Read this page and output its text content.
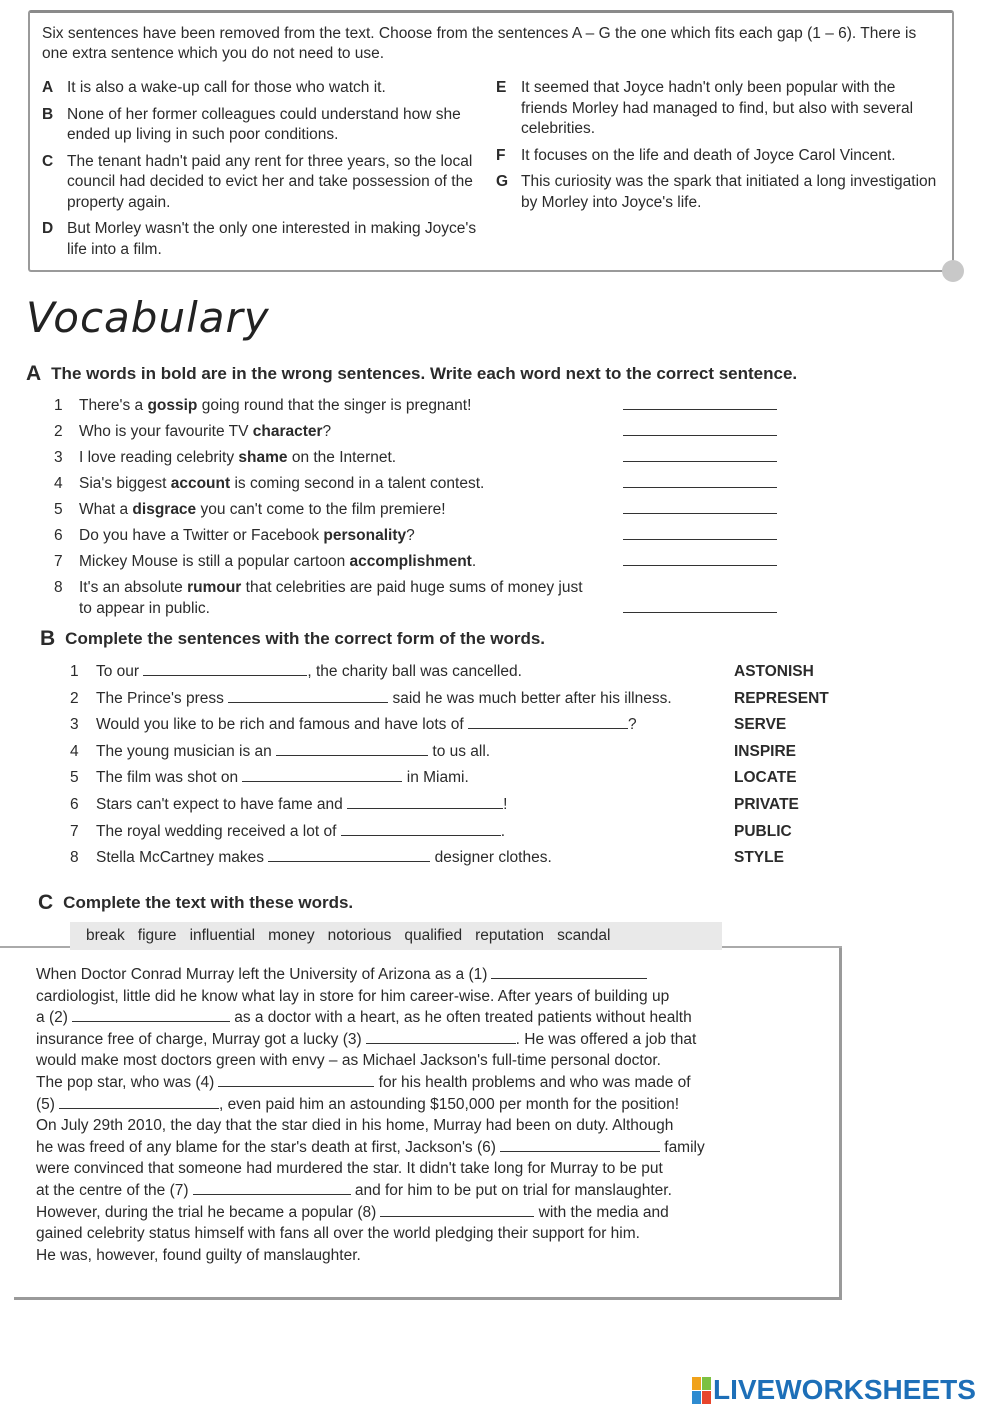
Six sentences have been removed from the text. Choose from the sentences A – G the one which fits each gap (1 – 6). There is one extra sentence which you do not need to use.
A It is also a wake-up call for those who watch it.
B None of her former colleagues could understand how she ended up living in such poor conditions.
C The tenant hadn't paid any rent for three years, so the local council had decided to evict her and take possession of the property again.
D But Morley wasn't the only one interested in making Joyce's life into a film.
E It seemed that Joyce hadn't only been popular with the friends Morley had managed to find, but also with several celebrities.
F	It focuses on the life and death of Joyce Carol Vincent.
G This curiosity was the spark that initiated a long investigation by Morley into Joyce's life.
Vocabulary
A The words in bold are in the wrong sentences. Write each word next to the correct sentence.
1	There's a gossip going round that the singer is pregnant!
2	Who is your favourite TV character?
3	I love reading celebrity shame on the Internet.
4	Sia's biggest account is coming second in a talent contest.
5	What a disgrace you can't come to the film premiere!
6	Do you have a Twitter or Facebook personality?
7	Mickey Mouse is still a popular cartoon accomplishment.
8	It's an absolute rumour that celebrities are paid huge sums of money just to appear in public.
B Complete the sentences with the correct form of the words.
1	To our	, the charity ball was cancelled.	ASTONISH
2	The Prince's press	said he was much better after his illness.	REPRESENT
3	Would you like to be rich and famous and have lots of	?	SERVE
4	The young musician is an	to us all.	INSPIRE
5	The film was shot on	in Miami.	LOCATE
6	Stars can't expect to have fame and	!	PRIVATE
7	The royal wedding received a lot of	.	PUBLIC
8	Stella McCartney makes	designer clothes.	STYLE
C Complete the text with these words.
break figure influential money notorious qualified reputation scandal
When Doctor Conrad Murray left the University of Arizona as a (1)
cardiologist, little did he know what lay in store for him career-wise. After years of building up
a (2)	as a doctor with a heart, as he often treated patients without health
insurance free of charge, Murray got a lucky (3)	. He was offered a job that
would make most doctors green with envy – as Michael Jackson's full-time personal doctor.
The pop star, who was (4)	for his health problems and who was made of
(5)	, even paid him an astounding $150,000 per month for the position!
On July 29th 2010, the day that the star died in his home, Murray had been on duty. Although
he was freed of any blame for the star's death at first, Jackson's (6)	family
were convinced that someone had murdered the star. It didn't take long for Murray to be put
at the centre of the (7)	and for him to be put on trial for manslaughter.
However, during the trial he became a popular (8)	with the media and
gained celebrity status himself with fans all over the world pledging their support for him.
He was, however, found guilty of manslaughter.
LIVEWORKSHEETS
